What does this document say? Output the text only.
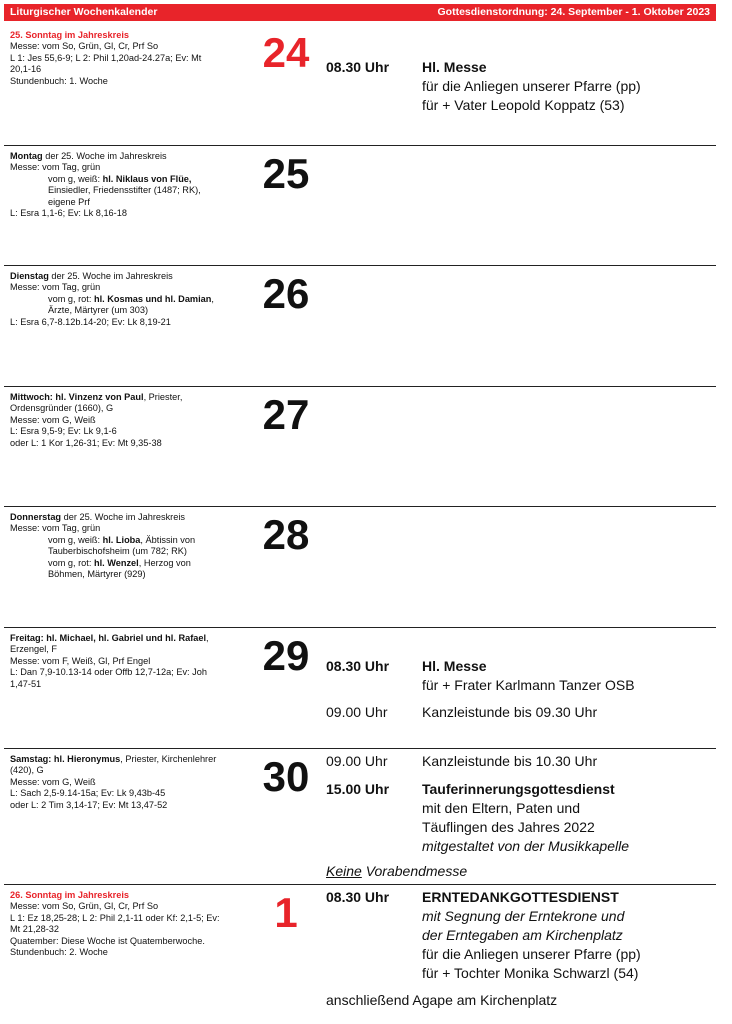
Liturgischer Wochenkalender	Gottesdienstordnung: 24. September - 1. Oktober 2023
25. Sonntag im Jahreskreis
Messe: vom So, Grün, Gl, Cr, Prf So
L 1: Jes 55,6-9; L 2: Phil 1,20ad-24.27a; Ev: Mt
20,1-16
Stundenbuch: 1. Woche
24	08.30 Uhr	Hl. Messe
für die Anliegen unserer Pfarre (pp)
für + Vater Leopold Koppatz (53)
Montag der 25. Woche im Jahreskreis
Messe: vom Tag, grün
vom g, weiß: hl. Niklaus von Flüe,
Einsiedler, Friedensstifter (1487; RK),
eigene Prf
L: Esra 1,1-6; Ev: Lk 8,16-18
25
Dienstag der 25. Woche im Jahreskreis
Messe: vom Tag, grün
vom g, rot: hl. Kosmas und hl. Damian,
Ärzte, Märtyrer (um 303)
L: Esra 6,7-8.12b.14-20; Ev: Lk 8,19-21
26
Mittwoch: hl. Vinzenz von Paul, Priester,
Ordensgründer (1660), G
Messe: vom G, Weiß
L: Esra 9,5-9; Ev: Lk 9,1-6
oder L: 1 Kor 1,26-31; Ev: Mt 9,35-38
27
Donnerstag der 25. Woche im Jahreskreis
Messe: vom Tag, grün
vom g, weiß: hl. Lioba, Äbtissin von
Tauberbischofsheim (um 782; RK)
vom g, rot: hl. Wenzel, Herzog von
Böhmen, Märtyrer (929)
28
Freitag: hl. Michael, hl. Gabriel und hl. Rafael,
Erzengel, F
Messe: vom F, Weiß, Gl, Prf Engel
L: Dan 7,9-10.13-14 oder Offb 12,7-12a; Ev: Joh
1,47-51
29	08.30 Uhr	Hl. Messe
für + Frater Karlmann Tanzer OSB
09.00 Uhr	Kanzleistunde bis 09.30 Uhr
Samstag: hl. Hieronymus, Priester, Kirchenlehrer
(420), G
Messe: vom G, Weiß
L: Sach 2,5-9.14-15a; Ev: Lk 9,43b-45
oder L: 2 Tim 3,14-17; Ev: Mt 13,47-52
30	09.00 Uhr	Kanzleistunde bis 10.30 Uhr
15.00 Uhr	Tauferinnerungsgottesdienst
mit den Eltern, Paten und
Täuflingen des Jahres 2022
mitgestaltet von der Musikkapelle
Keine Vorabendmesse
26. Sonntag im Jahreskreis
Messe: vom So, Grün, Gl, Cr, Prf So
L 1: Ez 18,25-28; L 2: Phil 2,1-11 oder Kf: 2,1-5; Ev:
Mt 21,28-32
Quatember: Diese Woche ist Quatemberwoche.
Stundenbuch: 2. Woche
1	08.30 Uhr	ERNTEDANKGOTTESDIENST
mit Segnung der Erntekrone und
der Erntegaben am Kirchenplatz
für die Anliegen unserer Pfarre (pp)
für + Tochter Monika Schwarzl (54)
anschließend Agape am Kirchenplatz
